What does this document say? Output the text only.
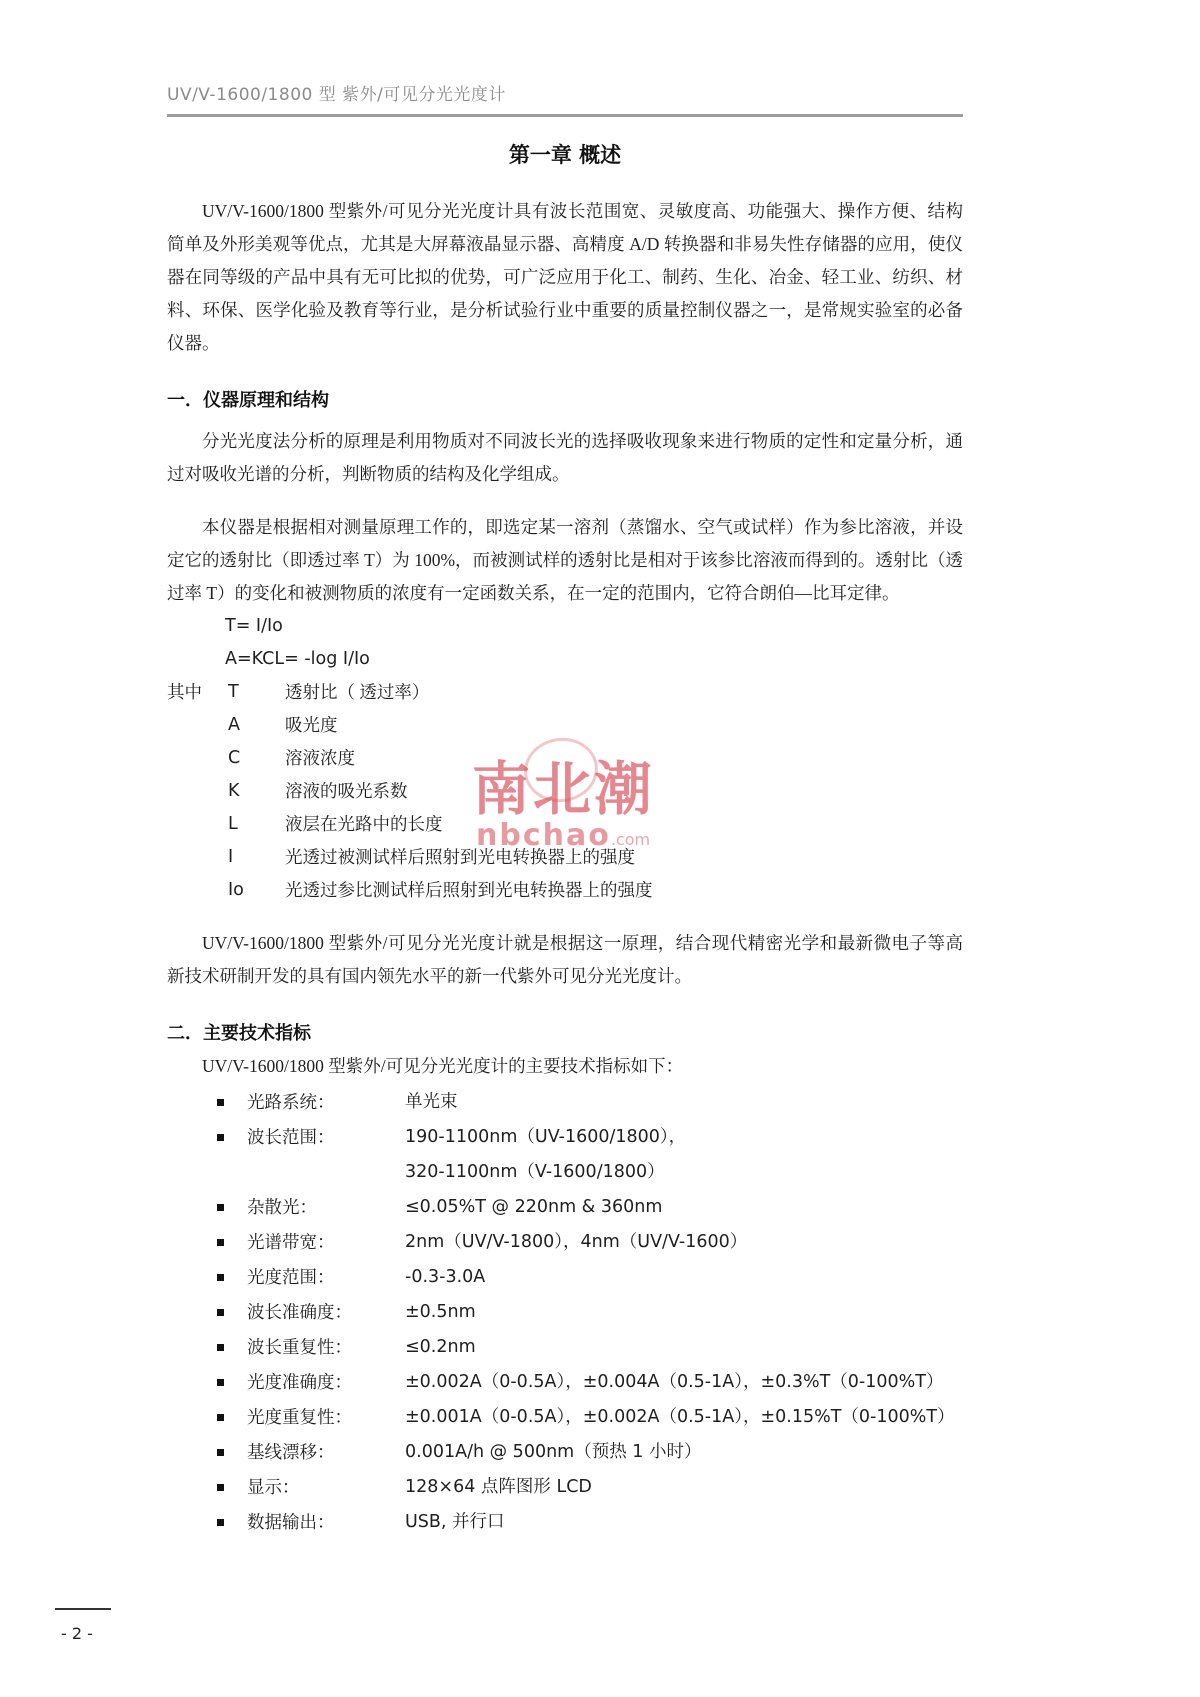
UV/V-1600/1800 型 紫外/可见分光光度计
第一章 概述

UV/V-1600/1800 型紫外/可见分光光度计具有波长范围宽、灵敏度高、功能强大、操作方便、结构简单及外形美观等优点，尤其是大屏幕液晶显示器、高精度 A/D 转换器和非易失性存储器的应用，使仪器在同等级的产品中具有无可比拟的优势，可广泛应用于化工、制药、生化、冶金、轻工业、纺织、材料、环保、医学化验及教育等行业，是分析试验行业中重要的质量控制仪器之一，是常规实验室的必备仪器。

一．仪器原理和结构

分光光度法分析的原理是利用物质对不同波长光的选择吸收现象来进行物质的定性和定量分析，通过对吸收光谱的分析，判断物质的结构及化学组成。

本仪器是根据相对测量原理工作的，即选定某一溶剂（蒸馏水、空气或试样）作为参比溶液，并设定它的透射比（即透过率 T）为 100%，而被测试样的透射比是相对于该参比溶液而得到的。透射比（透过率 T）的变化和被测物质的浓度有一定函数关系，在一定的范围内，它符合朗伯—比耳定律。

T= I/Io
A=KCL= -log I/Io
其中	T	透射比（ 透过率）
A	吸光度
C	溶液浓度
K	溶液的吸光系数
L	液层在光路中的长度
I	光透过被测试样后照射到光电转换器上的强度
Io	光透过参比测试样后照射到光电转换器上的强度

UV/V-1600/1800 型紫外/可见分光光度计就是根据这一原理，结合现代精密光学和最新微电子等高新技术研制开发的具有国内领先水平的新一代紫外可见分光光度计。

二．主要技术指标

UV/V-1600/1800 型紫外/可见分光光度计的主要技术指标如下：

光路系统：	单光束
波长范围：	190-1100nm（UV-1600/1800），
320-1100nm（V-1600/1800）
杂散光：	≤0.05%T @ 220nm & 360nm
光谱带宽：	2nm（UV/V-1800），4nm（UV/V-1600）
光度范围：	-0.3-3.0A
波长准确度：	±0.5nm
波长重复性：	≤0.2nm
光度准确度：	±0.002A（0-0.5A），±0.004A（0.5-1A），±0.3%T（0-100%T）
光度重复性：	±0.001A（0-0.5A），±0.002A（0.5-1A），±0.15%T（0-100%T）
基线漂移：	0.001A/h @ 500nm（预热 1 小时）
显示：	128×64 点阵图形 LCD
数据输出：	USB, 并行口
南北潮
nbchao.com
- 2 -
